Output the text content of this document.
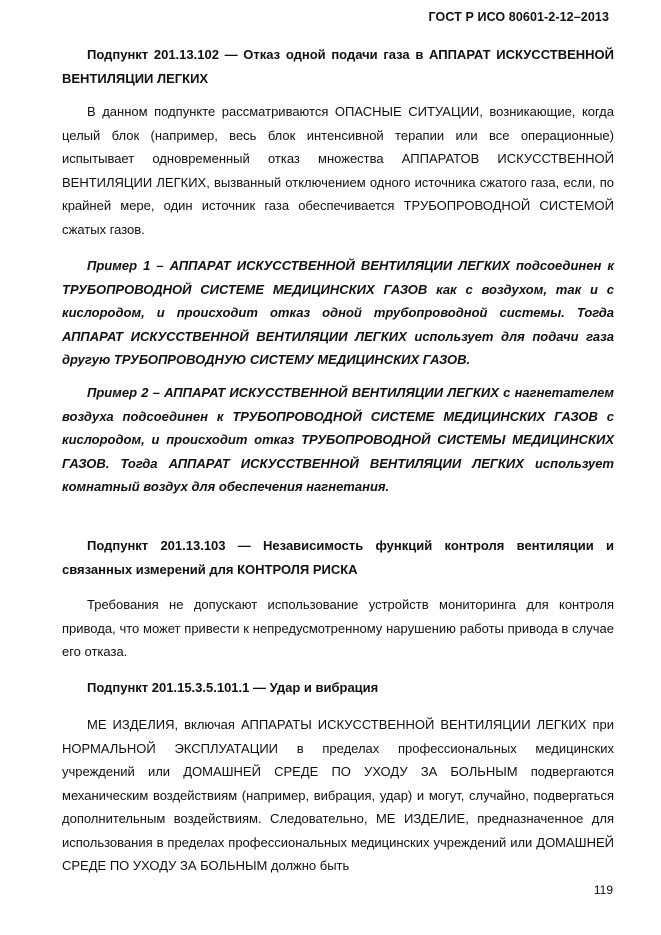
ГОСТ Р ИСО 80601-2-12–2013
Подпункт 201.13.102 — Отказ одной подачи газа в АППАРАТ ИСКУССТВЕННОЙ ВЕНТИЛЯЦИИ ЛЕГКИХ
В данном подпункте рассматриваются ОПАСНЫЕ СИТУАЦИИ, возникающие, когда целый блок (например, весь блок интенсивной терапии или все операционные) испытывает одновременный отказ множества АППАРАТОВ ИСКУССТВЕННОЙ ВЕНТИЛЯЦИИ ЛЕГКИХ, вызванный отключением одного источника сжатого газа, если, по крайней мере, один источник газа обеспечивается ТРУБОПРОВОДНОЙ СИСТЕМОЙ сжатых газов.
Пример 1 – АППАРАТ ИСКУССТВЕННОЙ ВЕНТИЛЯЦИИ ЛЕГКИХ подсоединен к ТРУБОПРОВОДНОЙ СИСТЕМЕ МЕДИЦИНСКИХ ГАЗОВ как с воздухом, так и с кислородом, и происходит отказ одной трубопроводной системы. Тогда АППАРАТ ИСКУССТВЕННОЙ ВЕНТИЛЯЦИИ ЛЕГКИХ использует для подачи газа другую ТРУБОПРОВОДНУЮ СИСТЕМУ МЕДИЦИНСКИХ ГАЗОВ.
Пример 2 – АППАРАТ ИСКУССТВЕННОЙ ВЕНТИЛЯЦИИ ЛЕГКИХ с нагнетателем воздуха подсоединен к ТРУБОПРОВОДНОЙ СИСТЕМЕ МЕДИЦИНСКИХ ГАЗОВ с кислородом, и происходит отказ ТРУБОПРОВОДНОЙ СИСТЕМЫ МЕДИЦИНСКИХ ГАЗОВ. Тогда АППАРАТ ИСКУССТВЕННОЙ ВЕНТИЛЯЦИИ ЛЕГКИХ использует комнатный воздух для обеспечения нагнетания.
Подпункт 201.13.103 — Независимость функций контроля вентиляции и связанных измерений для КОНТРОЛЯ РИСКА
Требования не допускают использование устройств мониторинга для контроля привода, что может привести к непредусмотренному нарушению работы привода в случае его отказа.
Подпункт 201.15.3.5.101.1 — Удар и вибрация
МЕ ИЗДЕЛИЯ, включая АППАРАТЫ ИСКУССТВЕННОЙ ВЕНТИЛЯЦИИ ЛЕГКИХ при НОРМАЛЬНОЙ ЭКСПЛУАТАЦИИ в пределах профессиональных медицинских учреждений или ДОМАШНЕЙ СРЕДЕ ПО УХОДУ ЗА БОЛЬНЫМ подвергаются механическим воздействиям (например, вибрация, удар) и могут, случайно, подвергаться дополнительным воздействиям. Следовательно, МЕ ИЗДЕЛИЕ, предназначенное для использования в пределах профессиональных медицинских учреждений или ДОМАШНЕЙ СРЕДЕ ПО УХОДУ ЗА БОЛЬНЫМ должно быть
119
